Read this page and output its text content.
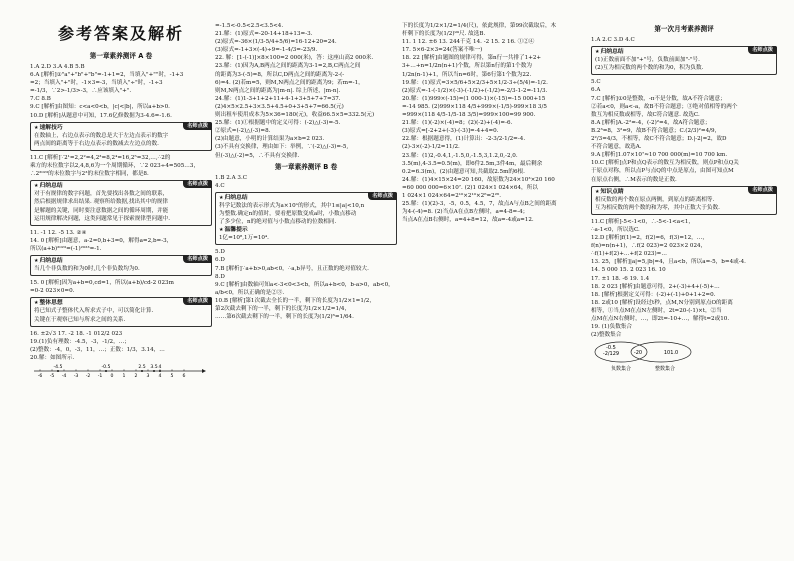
参考答案及解析
第一章素养测评 A 卷
1.A 2.D 3.A 4.B 5.B
6.A [解析]①"a"+"b"+"b"=-1+1=2，当填入"+""时，-1+3
=2；当填入"+"时，-1×3=-3，当填入"÷"时，-1÷3
=-1/3，∵2>-1/3>-3，∴应该填入"+".
7.C 8.B
9.C [解析]由图知：c<a<0<b，|c|<|b|，所以a+b>0.
10.D [解析]从题意中可知，17.6亿修数据为3-4.6=-1.6.
名师点拨
★速解技巧
在数轴上，右边点表示的数总是大于左边点表示的数字
两点间的距离等于右边点表示的数减去左边点的数.
11.C [解析]∵2¹=2,2²=4,2³=8,2⁴=16,2⁵=32,…,∴2的
乘方的末位数字以2,4,8,6为一个周期循环，∵2 023÷4=505…3，
∴2²⁰²³的末位数字与2³的末位数字相同，都是8.
名师点拨
★归纳总结
对于有规律的数字问题，首先要找出各数之间的联系，
然后根据规律求出结果. 观察所给数据,找出其中的规律
是解题的关键，同时要注意数据之间的循环周期，并能
运用规律解决问题，这类问题常见于探索规律型问题中.
11. -1 12. -5 13. ②④
14. 0 [解析]由题意，a-2=0,b+3=0，解得a=2,b=-3，
所以(a+b)²⁰²³=(-1)²⁰²³=-1.
名师点拨
★归纳总结
当几个非负数的和为0时,几个非负数均为0.
15. 0 [解析]因为a+b=0,cd=1，所以(a+b)/cd-2 023m
=0-2 023×0=0.
名师点拨
★整体思想
将已知式子整体代入所求式子中，可以简化计算.
关键在于观察已知与所求之间的关系.
16. ±2√3 17. -2 18. -1 012/2 023
19.(1)负有理数：-4.5，-3，-1/2，…；
(2)整数：-4，0，-3，11，…；正数：1/3，3.14，…
20.解：如图所示.
-6 -5 -4 -3 -2 -1 0 1 2 3 4 5 6
-4.5	-0.5	2.5 3.5 4
=-1.5<-0.5<2.5<3.5<4.
21.解：(1)原式=-20-14+18+13=-3.
(2)原式=-36×(1/3-5/4+5/6)=16-12+20=24.
(3)原式=-1+3×(-4)÷9=-1-4/3=-23/9.
22. 解：[1-(-1)]×8×100=2 000(米)，答：这座山高2 000米.
23.解：(1)因为A,B两点之间的距离为3-1=2,B,C两点之间
的距离为3-(-5)=8，所以C,D两点之间的距离为-2-(-
6)=4. (2)若m=5，则M,N两点之间的距离为9；若m=-1，
则M,N两点之间的距离为|m-n|. 综上所述，|m-n|.
24.解：(1)1-3+1+2+11+4-1+3+5+7+7=37.
(2)4×5×2.5+3×3.5+4.5+0+3+5+7=66.5(元)
则出租车使用成本为5×36=180(元)，收益66.5×5=332.5(元)
25.解：(1)①根据题中的定义可得：(-2)△(-3)=-5.
②原式=(-2)△(-3)=8.
(2)由题意，小明的计算结果为a×b=2 023.
(3)不具有交换律，理由如下：举例，∵(-2)△(-3)=-5,
但(-3)△(-2)=5，∴不具有交换律.
第一章素养测评 B 卷
1.B 2.A 3.C
4.C
名师点拨
★归纳总结
科学记数法的表示形式为a×10ⁿ的形式，其中1≤|a|<10,n
为整数.确定n的值时，要看把原数变成a时，小数点移动
了多少位，n的绝对值与小数点移动的位数相同.
★温馨提示
1亿=10⁸,1万=10⁴.
5.D
6.D
7.B [解析]∵a+b>0,ab<0，∴a,b异号，且正数的绝对值较大.
8.D
9.C [解析]由数轴可知a<-3<0<3<b，所以a+b<0，b-a>0，ab<0，
a/b<0，所以正确的是②③.
10.B [解析]第1次截去全长的一半，剩下的长度为1/2×1=1/2，
第2次截去剩下的一半，剩下的长度为1/2×1/2=1/4，
……第6次截去剩下的一半，剩下的长度为(1/2)⁶=1/64.
下的长度为1/2×1/2=1/4(尺)，依此规律，第99次截取后，木
杆剩下的长度为(1/2)⁹⁹尺. 故选B.
11. 1 12. ±6 13. 244千克 14. -2 15. 2 16. ①②④
17. 5×6-2×3=24(答案不唯一)
18. 22 [解析]由题图的规律可得，第n行一共排了1+2+
3+…+n=1/2n(n+1)个数，所以第n行的第1个数为
1/2n(n-1)+1，所以当n=6时，第6行第1个数为22.
19.解：(1)原式=3×5/6+5×2/3+5×1/2-3÷(5/4)=-1/2.
(2)原式=-1-(-1/2)×(-3)-(-1/2)÷(-1/2)=-2/3-1-2=-11/3.
20.解：(1)999×(-15)=(1 000-1)×(-15)=-15 000+15
=-14 985. (2)999×118 4/5+999×(-1/5)-999×18 3/5
=999×(118 4/5-1/5-18 3/5)=999×100=99 900.
21.解：(1)(-2)×(-4)=8；(2)(-2)+(-4)=-6.
(3)原式=[-2+2+(-3)-(-3)]=-4+4=0.
22.解：根据题意得，(1)计算出：-2-3/2-1/2=-4.
(2)-3×(-2)-1/2=11/2.
23.解：(1)2,-0.4,1,-1.5,0,-1.5,3,1.2,0,-2,0.
3.5(m),4-3.5=0.5(m)，即6件2.5m,3件4m，最后剩余
0.2=6.3(m)，(2)由题意可知,共截取2.5m的6根.
24.解：(1)4×15×24=20 160，故原数为24×10³×20 160
=60 000 000=6×10⁷. (2)1 024×1 024×64，所以
1 024×1 024×64=2¹⁰×2¹⁰×2⁶=2²⁶.
25.解：(1)(2)-3，-5，0.5，4.5，7，故点A与点B之间的距离
为4-(-4)=8. (2)当点A在点B左侧时，a=4-8=-4；
当点A在点B右侧时，a=4+8=12，故a=-4或a=12.
第一次月考素养测评
1.A 2.C 3.D 4.C
名师点拨
★归纳总结
(1)正数前面不加"+"号，负数前面加"-"号.
(2)互为相反数的两个数的和为0，积为负数.
5.C
6.A
7.C [解析]①0是整数，-π不是分数，故A不符合题意；
②若a<0，则a<-a，故B不符合题意；③绝对值相等的两个
数互为相反数或相等，故C符合题意. 故选C.
8.A [解析]A.-2²=-4，(-2)²=4，故A符合题意；
B.2³=8，3²=9，故B不符合题意；C.(2/3)²=4/9，
2²/3=4/3，不相等，故C不符合题意；D.|-2|=2，故D
不符合题意，故选A.
9.A [解析]1.07×10⁷≈10 700 000(m)=10 700 km.
10.C [解析]点P和点Q表示的数互为相反数，则点P和点Q关
于原点对称，所以点P与点Q的中点是原点，由图可知点M
在原点右侧，∴M表示的数是正数.
名师点拨
★知识点睛
相反数的两个数在原点两侧，到原点的距离相等.
互为相反数的两个数的和为零，其中正数大于负数.
11.C [解析]-5<-1<0，∴-5<-1<a<1，
∴a-1<0，所以选C.
12.D [解析]f(1)=2，f(2)=6，f(3)=12，…，
f(n)=n(n+1)，∴f(2 023)=2 023×2 024，
∴f(1)+f(2)+…+f(2 023)=…
13. 25，[解析]|a|=5,|b|=4，且a<b，所以a=-5，b=4或-4.
14. 5 000 15. 2 023 16. 10
17. ±1 18. -6 19. 1.4
18. 2 023 [解析]由题意可得，2+(-3)+4+(-5)+…
18. [解析]根据定义可得：(-2)+(-1)+0+1+2=0.
18. 2或10 [解析]设经过t秒，点M,N分别到原点O的距离
相等，①当点M在点N左侧时，2t=20-(-1)×t，②当
点M在点N右侧时，…，即2t=-10+…，解得t=2或10.
19. (1)负数集合
(2)整数集合
-0.5
-2/129	-20	101.0
负数集合	整数集合
